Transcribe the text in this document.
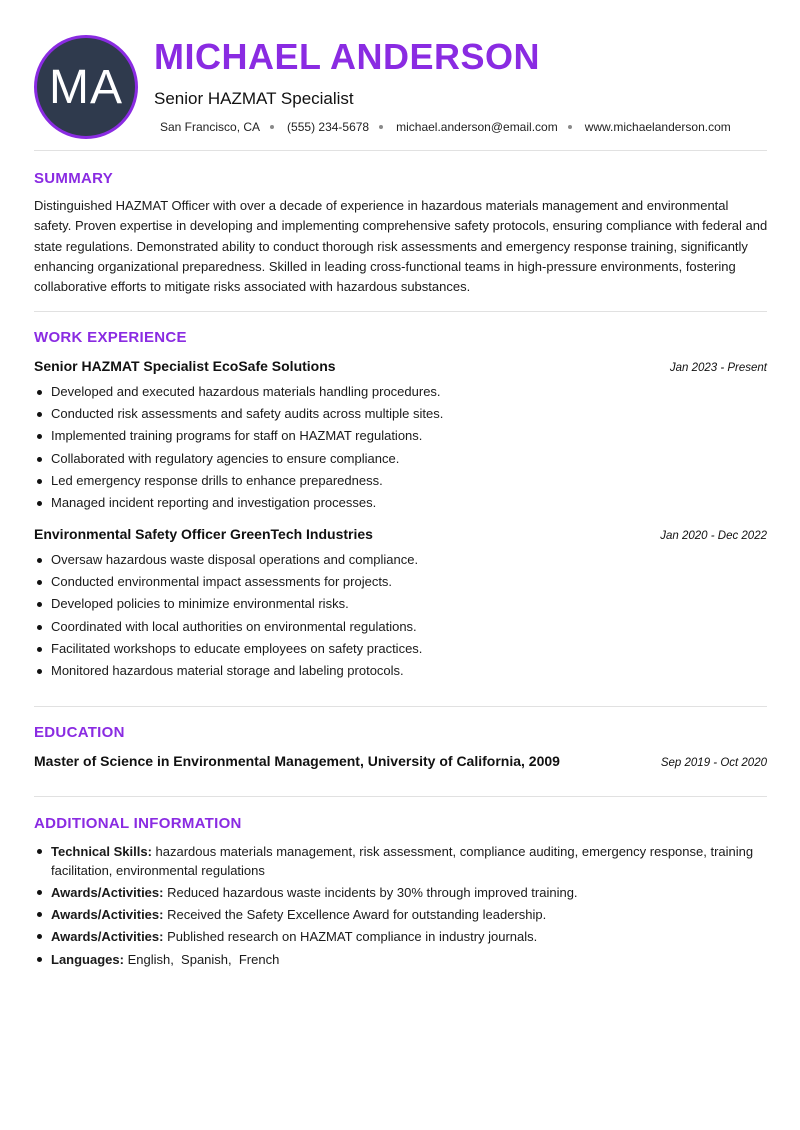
MA
MICHAEL ANDERSON
Senior HAZMAT Specialist
San Francisco, CA (555) 234-5678 michael.anderson@email.com www.michaelanderson.com
SUMMARY

Distinguished HAZMAT Officer with over a decade of experience in hazardous materials management and environmental safety. Proven expertise in developing and implementing comprehensive safety protocols, ensuring compliance with federal and state regulations. Demonstrated ability to conduct thorough risk assessments and emergency response training, significantly enhancing organizational preparedness. Skilled in leading cross-functional teams in high-pressure environments, fostering collaborative efforts to mitigate risks associated with hazardous substances.

WORK EXPERIENCE
Senior HAZMAT Specialist EcoSafe Solutions	Jan 2023 - Present
Developed and executed hazardous materials handling procedures.
Conducted risk assessments and safety audits across multiple sites.
Implemented training programs for staff on HAZMAT regulations.
Collaborated with regulatory agencies to ensure compliance.
Led emergency response drills to enhance preparedness.
Managed incident reporting and investigation processes.
Environmental Safety Officer GreenTech Industries	Jan 2020 - Dec 2022
Oversaw hazardous waste disposal operations and compliance.
Conducted environmental impact assessments for projects.
Developed policies to minimize environmental risks.
Coordinated with local authorities on environmental regulations.
Facilitated workshops to educate employees on safety practices.
Monitored hazardous material storage and labeling protocols.
EDUCATION
Master of Science in Environmental Management, University of California, 2009	Sep 2019 - Oct 2020
ADDITIONAL INFORMATION
Technical Skills: hazardous materials management, risk assessment, compliance auditing, emergency response, training facilitation, environmental regulations
Awards/Activities: Reduced hazardous waste incidents by 30% through improved training.
Awards/Activities: Received the Safety Excellence Award for outstanding leadership.
Awards/Activities: Published research on HAZMAT compliance in industry journals.
Languages: English,  Spanish,  French
